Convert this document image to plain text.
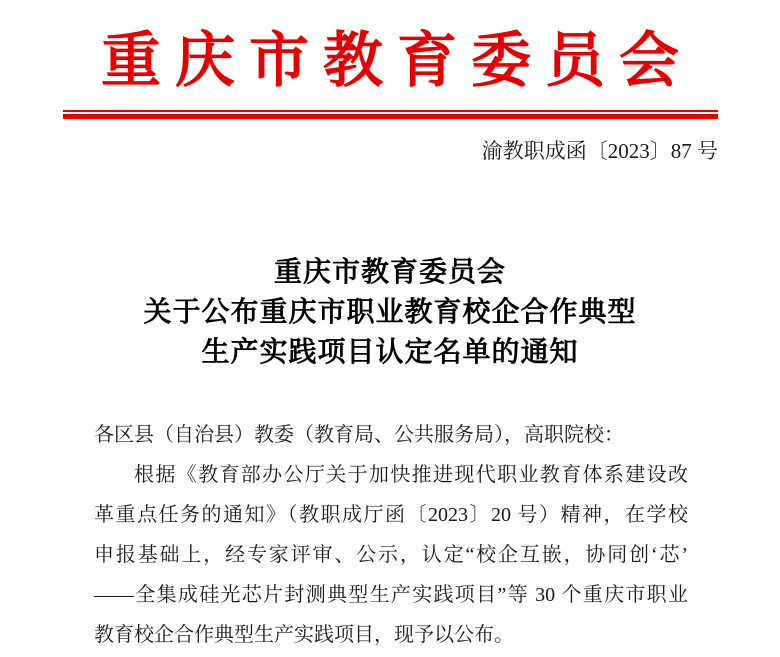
重庆市教育委员会
渝教职成函〔2023〕87 号
重庆市教育委员会
关于公布重庆市职业教育校企合作典型
生产实践项目认定名单的通知
各区县（自治县）教委（教育局、公共服务局），高职院校：
根据《教育部办公厅关于加快推进现代职业教育体系建设改
革重点任务的通知》（教职成厅函〔2023〕20 号）精神，在学校
申报基础上，经专家评审、公示，认定“校企互嵌，协同创‘芯’
——全集成硅光芯片封测典型生产实践项目”等 30 个重庆市职业
教育校企合作典型生产实践项目，现予以公布。
